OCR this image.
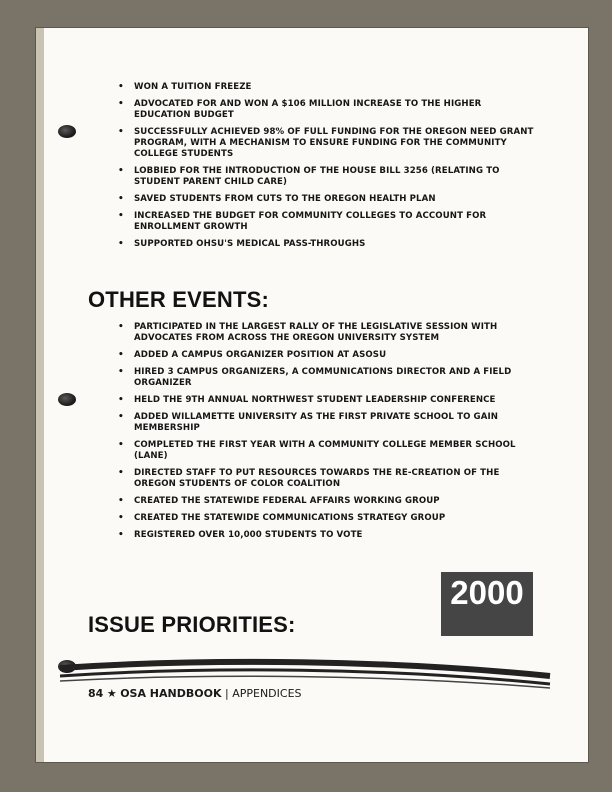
• WON A TUITION FREEZE
• ADVOCATED FOR AND WON A $106 MILLION INCREASE TO THE HIGHER EDUCATION BUDGET
• SUCCESSFULLY ACHIEVED 98% OF FULL FUNDING FOR THE OREGON NEED GRANT PROGRAM, WITH A MECHANISM TO ENSURE FUNDING FOR THE COMMUNITY COLLEGE STUDENTS
• LOBBIED FOR THE INTRODUCTION OF THE HOUSE BILL 3256 (RELATING TO STUDENT PARENT CHILD CARE)
• SAVED STUDENTS FROM CUTS TO THE OREGON HEALTH PLAN
• INCREASED THE BUDGET FOR COMMUNITY COLLEGES TO ACCOUNT FOR ENROLLMENT GROWTH
• SUPPORTED OHSU'S MEDICAL PASS-THROUGHS
OTHER EVENTS:
• PARTICIPATED IN THE LARGEST RALLY OF THE LEGISLATIVE SESSION WITH ADVOCATES FROM ACROSS THE OREGON UNIVERSITY SYSTEM
• ADDED A CAMPUS ORGANIZER POSITION AT ASOSU
• HIRED 3 CAMPUS ORGANIZERS, A COMMUNICATIONS DIRECTOR AND A FIELD ORGANIZER
• HELD THE 9TH ANNUAL NORTHWEST STUDENT LEADERSHIP CONFERENCE
• ADDED WILLAMETTE UNIVERSITY AS THE FIRST PRIVATE SCHOOL TO GAIN MEMBERSHIP
• COMPLETED THE FIRST YEAR WITH A COMMUNITY COLLEGE MEMBER SCHOOL (LANE)
• DIRECTED STAFF TO PUT RESOURCES TOWARDS THE RE-CREATION OF THE OREGON STUDENTS OF COLOR COALITION
• CREATED THE STATEWIDE FEDERAL AFFAIRS WORKING GROUP
• CREATED THE STATEWIDE COMMUNICATIONS STRATEGY GROUP
• REGISTERED OVER 10,000 STUDENTS TO VOTE
2000
ISSUE PRIORITIES:
84 ★ OSA HANDBOOK | APPENDICES
